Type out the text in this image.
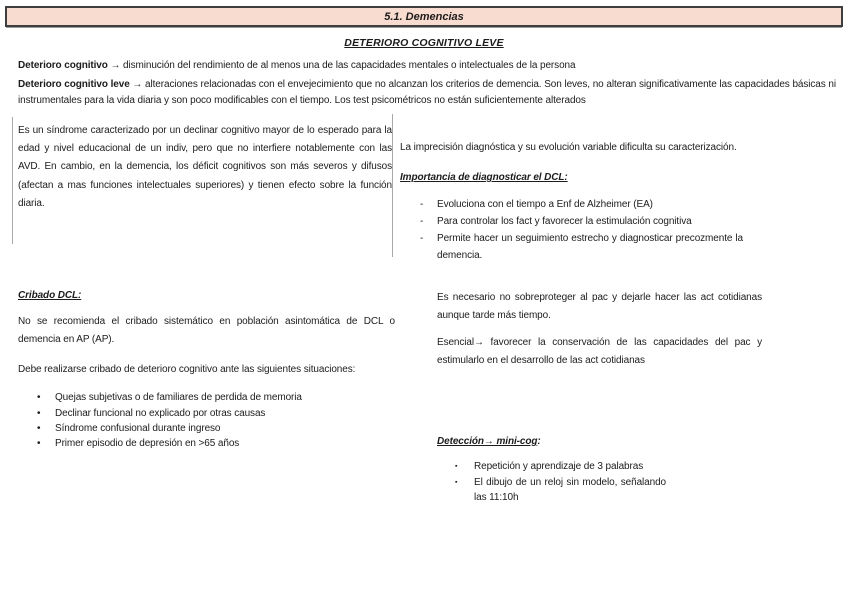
5.1. Demencias
DETERIORO COGNITIVO LEVE

Deterioro cognitivo → disminución del rendimiento de al menos una de las capacidades mentales o intelectuales de la persona

Deterioro cognitivo leve → alteraciones relacionadas con el envejecimiento que no alcanzan los criterios de demencia. Son leves, no alteran significativamente las capacidades básicas ni instrumentales para la vida diaria y son poco modificables con el tiempo. Los test psicométricos no están suficientemente alterados

Es un síndrome caracterizado por un declinar cognitivo mayor de lo esperado para la edad y nivel educacional de un indiv, pero que no interfiere notablemente con las AVD. En cambio, en la demencia, los déficit cognitivos son más severos y difusos (afectan a mas funciones intelectuales superiores) y tienen efecto sobre la función diaria.

La imprecisión diagnóstica y su evolución variable dificulta su caracterización.

Importancia de diagnosticar el DCL:

- Evoluciona con el tiempo a Enf de Alzheimer (EA)
- Para controlar los fact y favorecer la estimulación cognitiva
- Permite hacer un seguimiento estrecho y diagnosticar precozmente la demencia.

Cribado DCL:

No se recomienda el cribado sistemático en población asintomática de DCL o demencia en AP (AP).

Debe realizarse cribado de deterioro cognitivo ante las siguientes situaciones:

• Quejas subjetivas o de familiares de perdida de memoria
• Declinar funcional no explicado por otras causas
• Síndrome confusional durante ingreso
• Primer episodio de depresión en >65 años

Es necesario no sobreproteger al pac y dejarle hacer las act cotidianas aunque tarde más tiempo.

Esencial→ favorecer la conservación de las capacidades del pac y estimularlo en el desarrollo de las act cotidianas

Detección→ mini-cog:

▪	Repetición y aprendizaje de 3 palabras
▪	El dibujo de un reloj sin modelo, señalando las 11:10h
